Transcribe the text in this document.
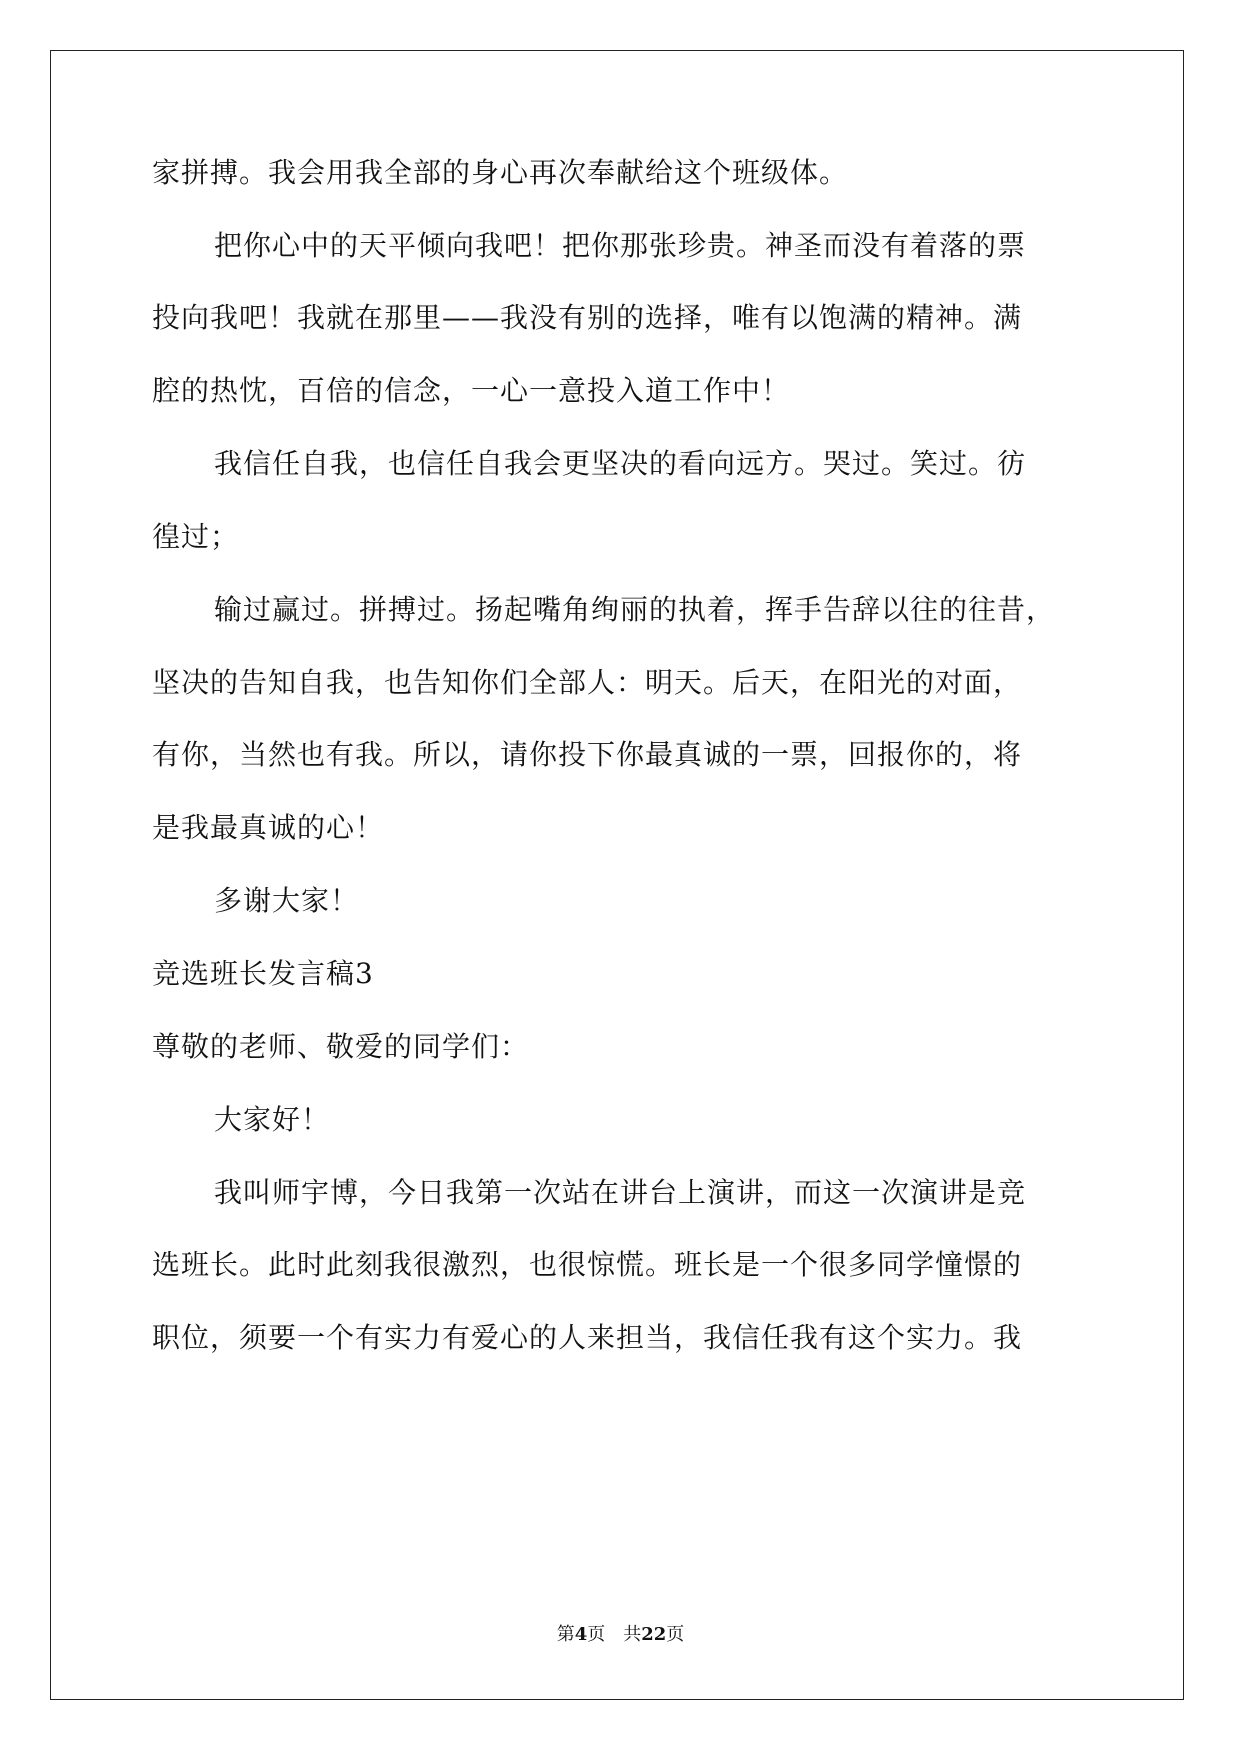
家拼搏。我会用我全部的身心再次奉献给这个班级体。
把你心中的天平倾向我吧！把你那张珍贵。神圣而没有着落的票
投向我吧！我就在那里——我没有别的选择，唯有以饱满的精神。满
腔的热忱，百倍的信念，一心一意投入道工作中！
我信任自我，也信任自我会更坚决的看向远方。哭过。笑过。彷
徨过；
输过赢过。拼搏过。扬起嘴角绚丽的执着，挥手告辞以往的往昔，
坚决的告知自我，也告知你们全部人：明天。后天，在阳光的对面，
有你，当然也有我。所以，请你投下你最真诚的一票，回报你的，将
是我最真诚的心！
多谢大家！
竞选班长发言稿3
尊敬的老师、敬爱的同学们：
大家好！
我叫师宇博，今日我第一次站在讲台上演讲，而这一次演讲是竞
选班长。此时此刻我很激烈，也很惊慌。班长是一个很多同学憧憬的
职位，须要一个有实力有爱心的人来担当，我信任我有这个实力。我
第4页　共22页
